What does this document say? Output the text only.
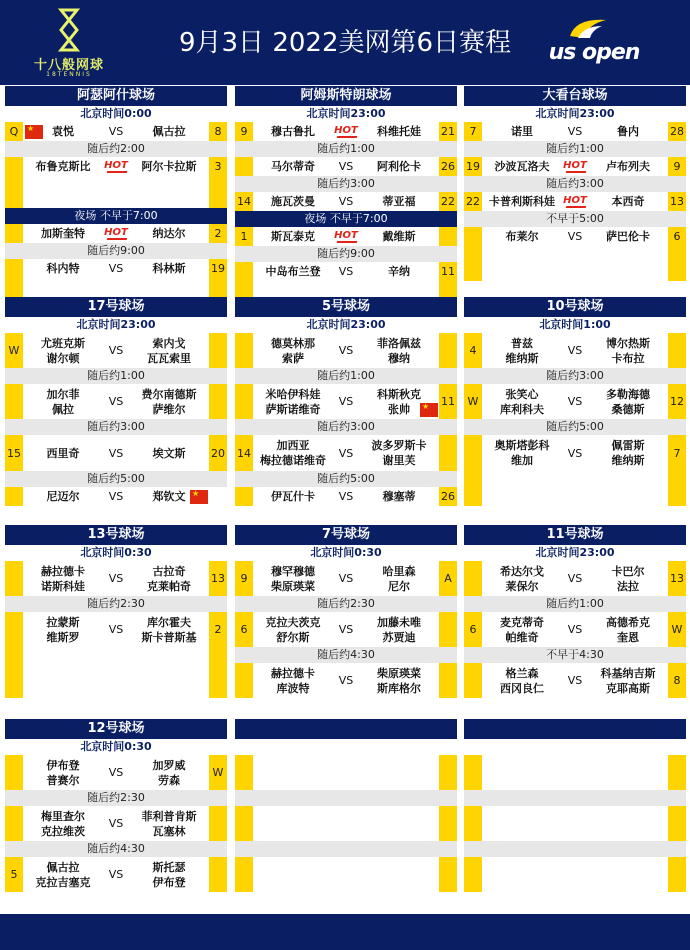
十八般网球
18TENNIS
9月3日 2022美网第6日赛程	us open
阿瑟阿什球场
北京时间0:00
Q
★	袁悦	VS	佩古拉	8
随后约2:00
布鲁克斯比	HOT	阿尔卡拉斯	3
夜场 不早于7:00
加斯奎特	HOT	纳达尔	2
随后约9:00
科内特	VS	科林斯	19
阿姆斯特朗球场
北京时间23:00
9	穆古鲁扎	HOT	科维托娃	21
随后约1:00
马尔蒂奇	VS	阿利伦卡	26
随后约3:00
14	施瓦茨曼	VS	蒂亚福	22
夜场 不早于7:00
1	斯瓦泰克	HOT	戴维斯
随后约9:00
中岛布兰登	VS	辛纳	11
大看台球场
北京时间23:00
7	诺里	VS	鲁内	28
随后约1:00
19	沙波瓦洛夫	HOT	卢布列夫	9
随后约3:00
22 卡普利斯科娃 HOT	本西奇	13
不早于5:00
布莱尔	VS	萨巴伦卡	6
17号球场
北京时间23:00
W
尤班克斯
谢尔顿
VS
索内戈
瓦瓦索里
随后约1:00
加尔菲
佩拉
VS
费尔南德斯
萨维尔
随后约3:00
15	西里奇	VS	埃文斯	20
随后约5:00
尼迈尔	VS	郑钦文
★
5号球场
北京时间23:00
德莫林那
索萨
VS
菲洛佩兹
穆纳
随后约1:00
米哈伊科娃
萨斯诺维奇
VS
科斯秋克
张帅
★
11
随后约3:00
14
加西亚
梅拉德诺维奇
VS
波多罗斯卡
谢里芙
随后约5:00
伊瓦什卡	VS	穆塞蒂	26
10号球场
北京时间1:00
4
普兹
维纳斯
VS
博尔热斯
卡布拉
随后约3:00
W
张笑心
库利科夫
VS
多勒海德
桑德斯
12
随后约5:00
奥斯塔彭科
维加
VS
佩雷斯
维纳斯
7
13号球场
北京时间0:30
赫拉德卡
诺斯科娃
VS
古拉奇
克莱帕奇
13
随后约2:30
拉蒙斯
维斯罗
VS
库尔霍夫
斯卡普斯基
2
7号球场
北京时间0:30
9
穆罕穆德
柴原瑛菜
VS
哈里森
尼尔
A
随后约2:30
6
克拉夫茨克
舒尔斯
VS
加藤未唯
苏贾迪
随后约4:30
赫拉德卡
库波特
VS
柴原瑛菜
斯库格尔
11号球场
北京时间23:00
希达尔戈
莱保尔
VS
卡巴尔
法拉
13
随后约1:00
6
麦克蒂奇
帕维奇
VS
高德希克
奎恩
W
不早于4:30
格兰森
西冈良仁
VS
科基纳吉斯
克耶高斯
8
12号球场
北京时间0:30
伊布登
普赛尔
VS
加罗威
劳森
W
随后约2:30
梅里查尔
克拉维茨
VS
菲利普肯斯
瓦塞林
随后约4:30
5
佩古拉
克拉吉塞克
VS
斯托瑟
伊布登
